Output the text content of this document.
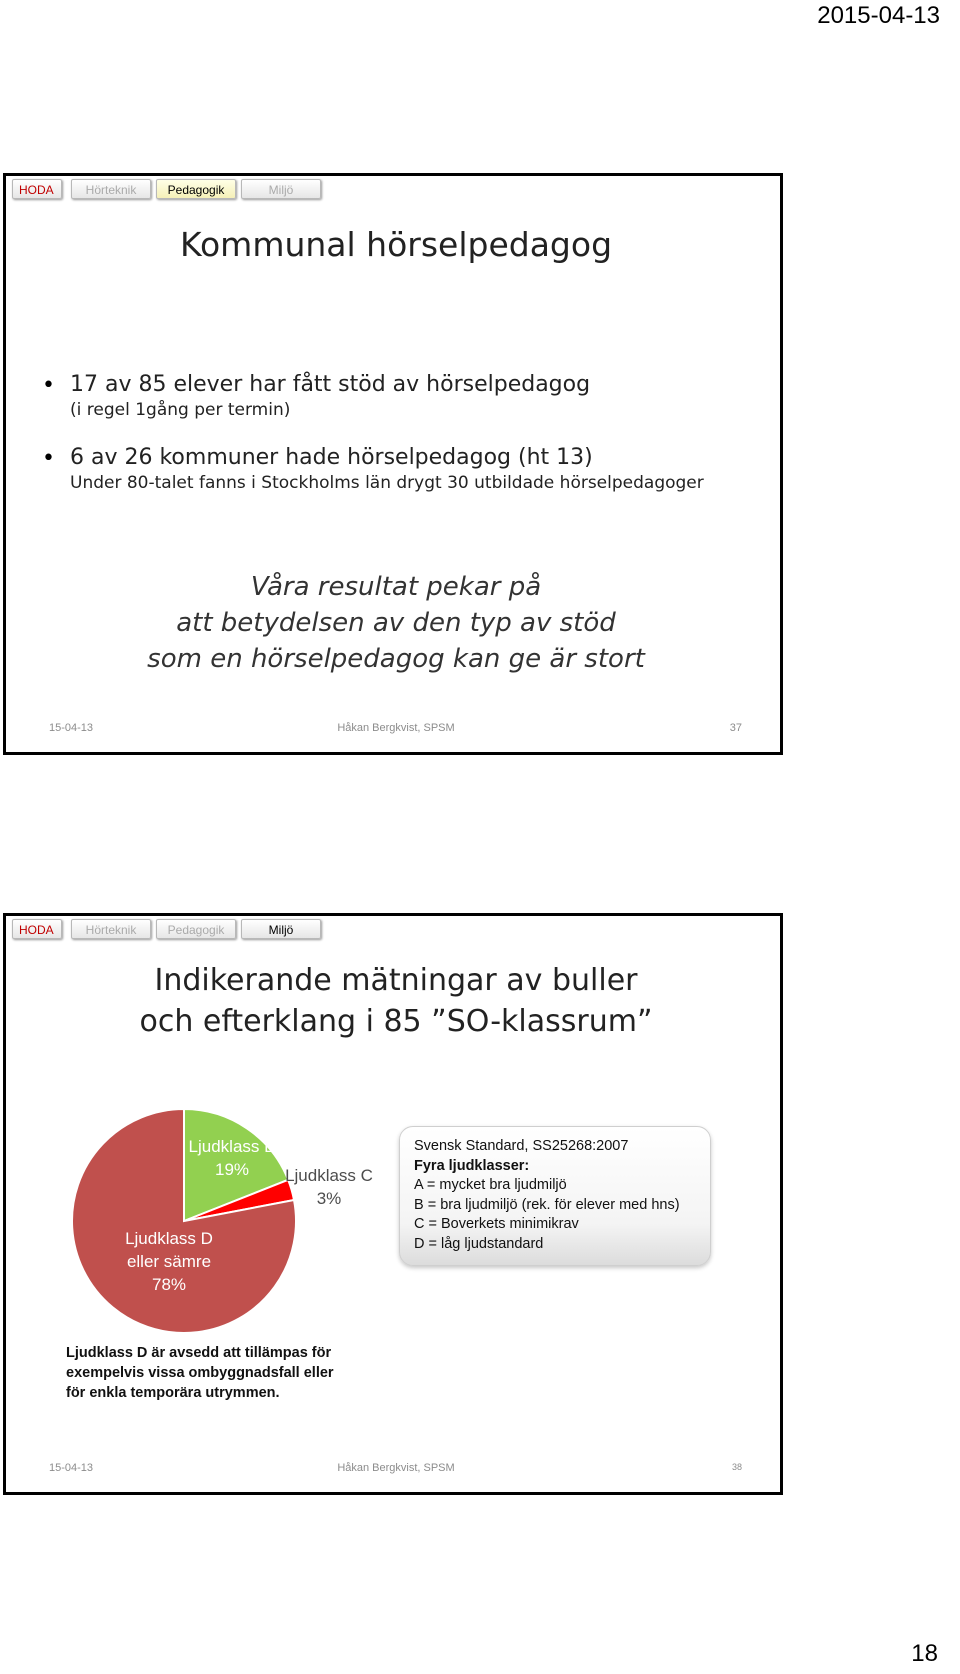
2015-04-13
HODA	Hörteknik	Pedagogik	Miljö
Kommunal hörselpedagog
• 17 av 85 elever har fått stöd av hörselpedagog
(i regel 1gång per termin)
• 6 av 26 kommuner hade hörselpedagog (ht 13)
Under 80-talet fanns i Stockholms län drygt 30 utbildade hörselpedagoger
Våra resultat pekar på
att betydelsen av den typ av stöd
som en hörselpedagog kan ge är stort
15-04-13	Håkan Bergkvist, SPSM	37
HODA	Hörteknik	Pedagogik	Miljö
Indikerande mätningar av buller
och efterklang i 85 ”SO-klassrum”
Ljudklass D
eller sämre
78%
Ljudklass B
19%	Ljudklass C
3%
Svensk Standard, SS25268:2007
Fyra ljudklasser:
A = mycket bra ljudmiljö
B = bra ljudmiljö (rek. för elever med hns)
C = Boverkets minimikrav
D = låg ljudstandard
Ljudklass D är avsedd att tillämpas för
exempelvis vissa ombyggnadsfall eller
för enkla temporära utrymmen.
15-04-13	Håkan Bergkvist, SPSM	38
18
